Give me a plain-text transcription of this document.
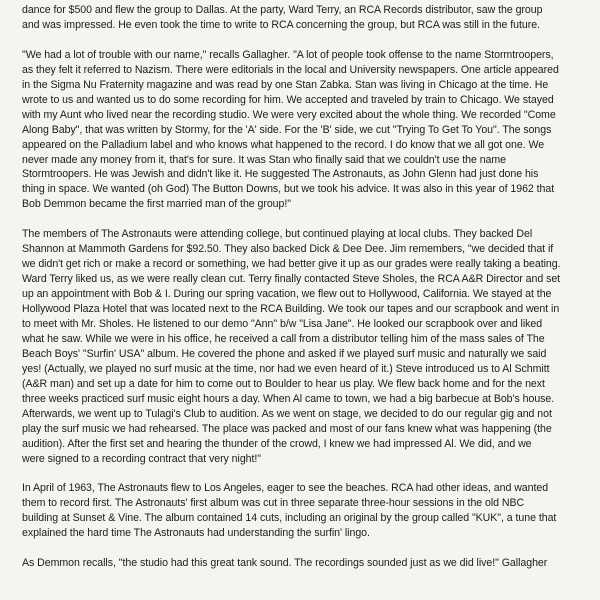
dance for $500 and flew the group to Dallas. At the party, Ward Terry, an RCA Records distributor, saw the group
and was impressed. He even took the time to write to RCA concerning the group, but RCA was still in the future.

"We had a lot of trouble with our name," recalls Gallagher. "A lot of people took offense to the name Stormtroopers,
as they felt it referred to Nazism. There were editorials in the local and University newspapers. One article appeared
in the Sigma Nu Fraternity magazine and was read by one Stan Zabka. Stan was living in Chicago at the time. He
wrote to us and wanted us to do some recording for him. We accepted and traveled by train to Chicago. We stayed
with my Aunt who lived near the recording studio. We were very excited about the whole thing. We recorded "Come
Along Baby", that was written by Stormy, for the 'A' side. For the 'B' side, we cut "Trying To Get To You". The songs
appeared on the Palladium label and who knows what happened to the record. I do know that we all got one. We
never made any money from it, that's for sure. It was Stan who finally said that we couldn't use the name
Stormtroopers. He was Jewish and didn't like it. He suggested The Astronauts, as John Glenn had just done his
thing in space. We wanted (oh God) The Button Downs, but we took his advice. It was also in this year of 1962 that
Bob Demmon became the first married man of the group!"

The members of The Astronauts were attending college, but continued playing at local clubs. They backed Del
Shannon at Mammoth Gardens for $92.50. They also backed Dick & Dee Dee. Jim remembers, "we decided that if
we didn't get rich or make a record or something, we had better give it up as our grades were really taking a beating.
Ward Terry liked us, as we were really clean cut. Terry finally contacted Steve Sholes, the RCA A&R Director and set
up an appointment with Bob & I. During our spring vacation, we flew out to Hollywood, California. We stayed at the
Hollywood Plaza Hotel that was located next to the RCA Building. We took our tapes and our scrapbook and went in
to meet with Mr. Sholes. He listened to our demo "Ann" b/w "Lisa Jane". He looked our scrapbook over and liked
what he saw. While we were in his office, he received a call from a distributor telling him of the mass sales of The
Beach Boys' "Surfin' USA" album. He covered the phone and asked if we played surf music and naturally we said
yes! (Actually, we played no surf music at the time, nor had we even heard of it.) Steve introduced us to Al Schmitt
(A&R man) and set up a date for him to come out to Boulder to hear us play. We flew back home and for the next
three weeks practiced surf music eight hours a day. When Al came to town, we had a big barbecue at Bob's house.
Afterwards, we went up to Tulagi's Club to audition. As we went on stage, we decided to do our regular gig and not
play the surf music we had rehearsed. The place was packed and most of our fans knew what was happening (the
audition). After the first set and hearing the thunder of the crowd, I knew we had impressed Al. We did, and we
were signed to a recording contract that very night!"

In April of 1963, The Astronauts flew to Los Angeles, eager to see the beaches. RCA had other ideas, and wanted
them to record first. The Astronauts' first album was cut in three separate three-hour sessions in the old NBC
building at Sunset & Vine. The album contained 14 cuts, including an original by the group called "KUK", a tune that
explained the hard time The Astronauts had understanding the surfin' lingo.

As Demmon recalls, "the studio had this great tank sound. The recordings sounded just as we did live!" Gallagher
